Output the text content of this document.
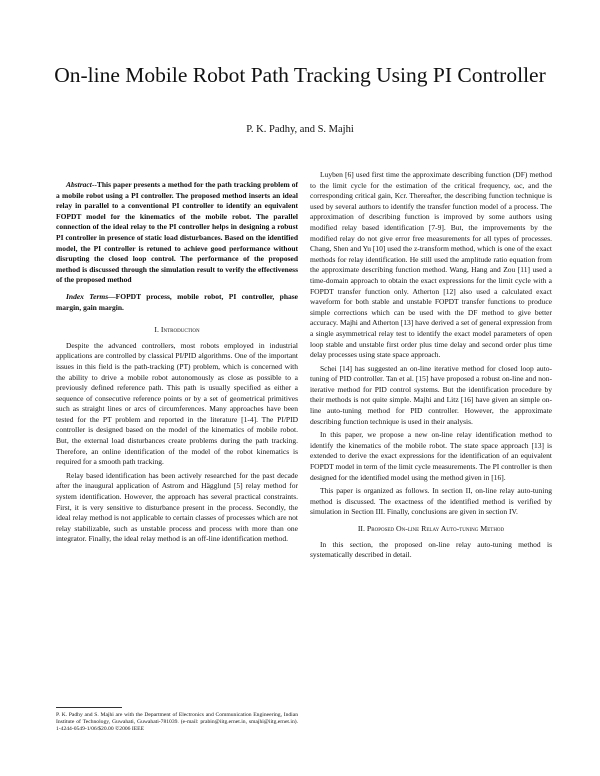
On-line Mobile Robot Path Tracking Using PI Controller
P. K. Padhy, and S. Majhi

Abstract--This paper presents a method for the path tracking problem of a mobile robot using a PI controller. The proposed method inserts an ideal relay in parallel to a conventional PI controller to identify an equivalent FOPDT model for the kinematics of the mobile robot. The parallel connection of the ideal relay to the PI controller helps in designing a robust PI controller in presence of static load disturbances. Based on the identified model, the PI controller is retuned to achieve good performance without disrupting the closed loop control. The performance of the proposed method is discussed through the simulation result to verify the effectiveness of the proposed method

Index Terms—FOPDT process, mobile robot, PI controller, phase margin, gain margin.

I. Introduction

Despite the advanced controllers, most robots employed in industrial applications are controlled by classical PI/PID algorithms. One of the important issues in this field is the path-tracking (PT) problem, which is concerned with the ability to drive a mobile robot autonomously as close as possible to a previously defined reference path. This path is usually specified as either a sequence of consecutive reference points or by a set of geometrical primitives such as straight lines or arcs of circumferences. Many approaches have been tested for the PT problem and reported in the literature [1-4]. The PI/PID controller is designed based on the model of the kinematics of mobile robot. But, the external load disturbances create problems during the path tracking. Therefore, an online identification of the model of the robot kinematics is required for a smooth path tracking.

Relay based identification has been actively researched for the past decade after the inaugural application of Astrom and Hägglund [5] relay method for system identification. However, the approach has several practical constraints. First, it is very sensitive to disturbance present in the process. Secondly, the ideal relay method is not applicable to certain classes of processes which are not relay stabilizable, such as unstable process and process with more than one integrator. Finally, the ideal relay method is an off-line identification method.

Luyben [6] used first time the approximate describing function (DF) method to the limit cycle for the estimation of the critical frequency, ωc, and the corresponding critical gain, Kcr. Thereafter, the describing function technique is used by several authors to identify the transfer function model of a process. The approximation of describing function is improved by some authors using modified relay based identification [7-9]. But, the improvements by the modified relay do not give error free measurements for all types of processes. Chang, Shen and Yu [10] used the z-transform method, which is one of the exact methods for relay identification. He still used the amplitude ratio equation from the approximate describing function method. Wang, Hang and Zou [11] used a time-domain approach to obtain the exact expressions for the limit cycle with a FOPDT transfer function only. Atherton [12] also used a calculated exact waveform for both stable and unstable FOPDT transfer functions to produce simple corrections which can be used with the DF method to give better accuracy. Majhi and Atherton [13] have derived a set of general expression from a single asymmetrical relay test to identify the exact model parameters of open loop stable and unstable first order plus time delay and second order plus time delay processes using state space approach.

Schei [14] has suggested an on-line iterative method for closed loop auto-tuning of PID controller. Tan et al. [15] have proposed a robust on-line and non-iterative method for PID control systems. But the identification procedure by their methods is not quite simple. Majhi and Litz [16] have given an simple on-line auto-tuning method for PID controller. However, the approximate describing function technique is used in their analysis.

In this paper, we propose a new on-line relay identification method to identify the kinematics of the mobile robot. The state space approach [13] is extended to derive the exact expressions for the identification of an equivalent FOPDT model in term of the limit cycle measurements. The PI controller is then designed for the identified model using the method given in [16].

This paper is organized as follows. In section II, on-line relay auto-tuning method is discussed. The exactness of the identified method is verified by simulation in Section III. Finally, conclusions are given in section IV.

II. Proposed On-line Relay Auto-tuning Method

In this section, the proposed on-line relay auto-tuning method is systematically described in detail.

P. K. Padhy and S. Majhi are with the Department of Electronics and Communication Engineering, Indian Institute of Technology, Guwahati, Guwahati-781039. (e-mail: prabin@iitg.ernet.in, smajhi@iitg.ernet.in). 1-4244-0549-1/06/$20.00 ©2006 IEEE
